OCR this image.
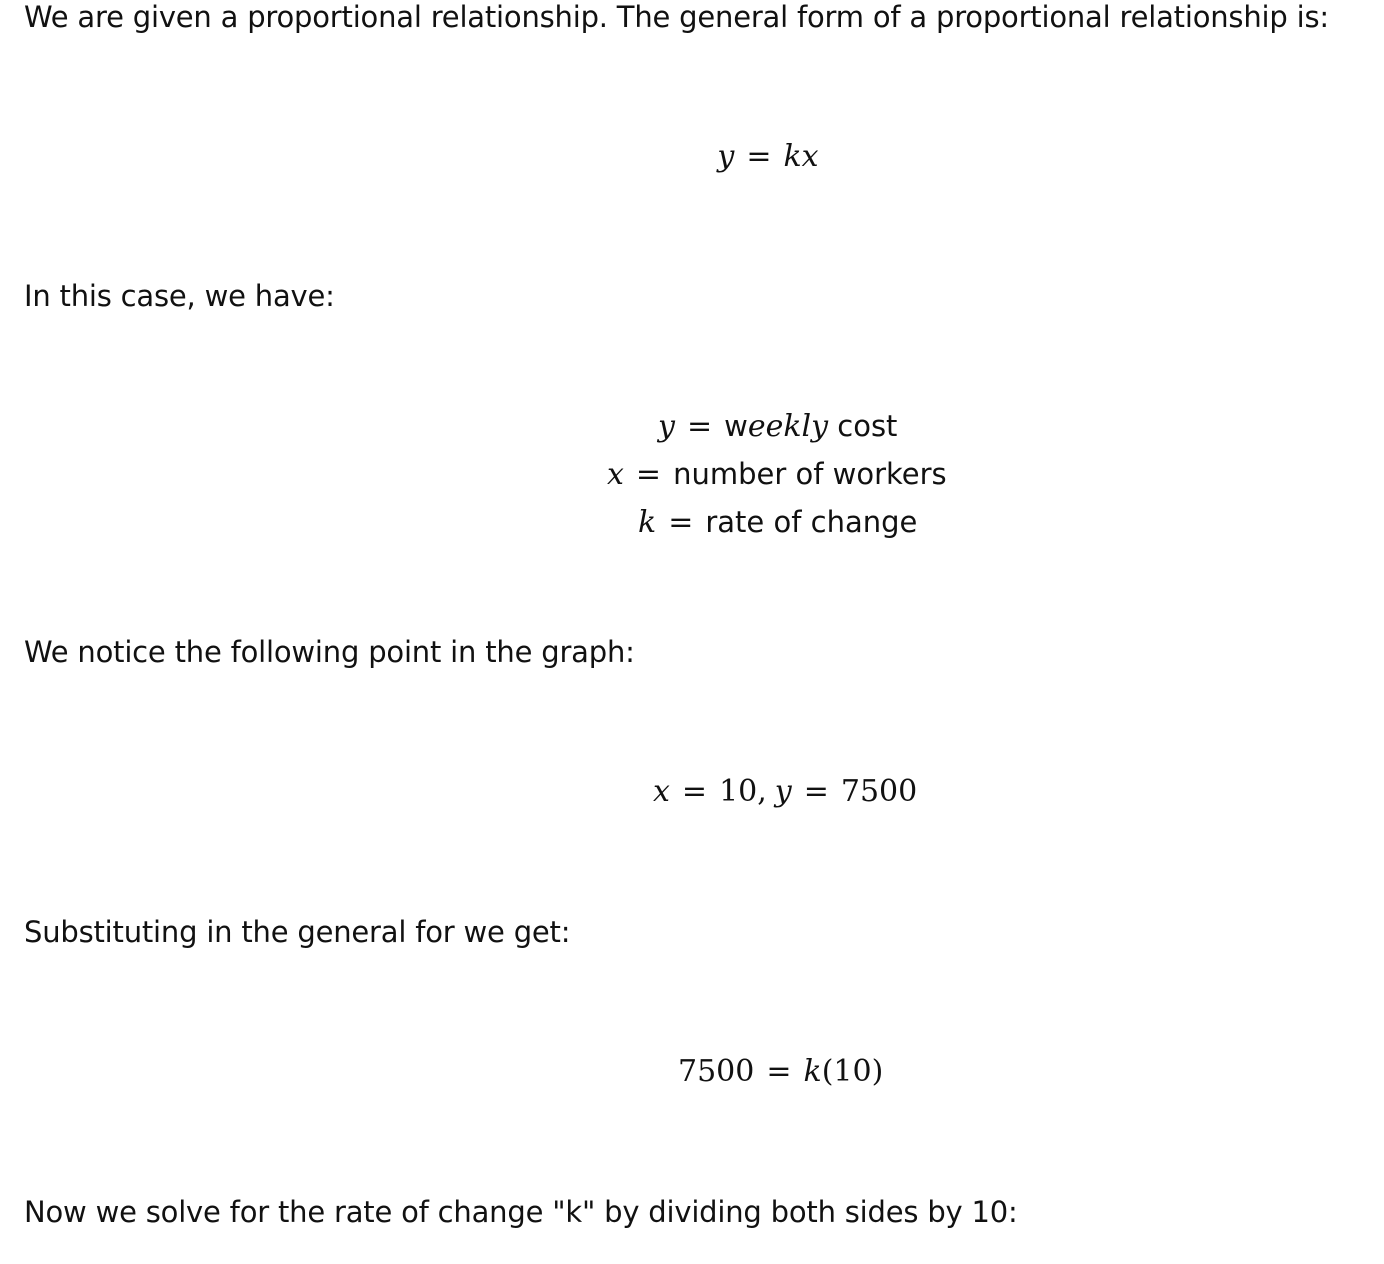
We are given a proportional relationship. The general form of a proportional relationship is:

y = kx

In this case, we have:

y = weekly cost
x = number of workers
k = rate of change

We notice the following point in the graph:

x = 10, y = 7500

Substituting in the general for we get:

7500 = k(10)

Now we solve for the rate of change "k" by dividing both sides by 10:
